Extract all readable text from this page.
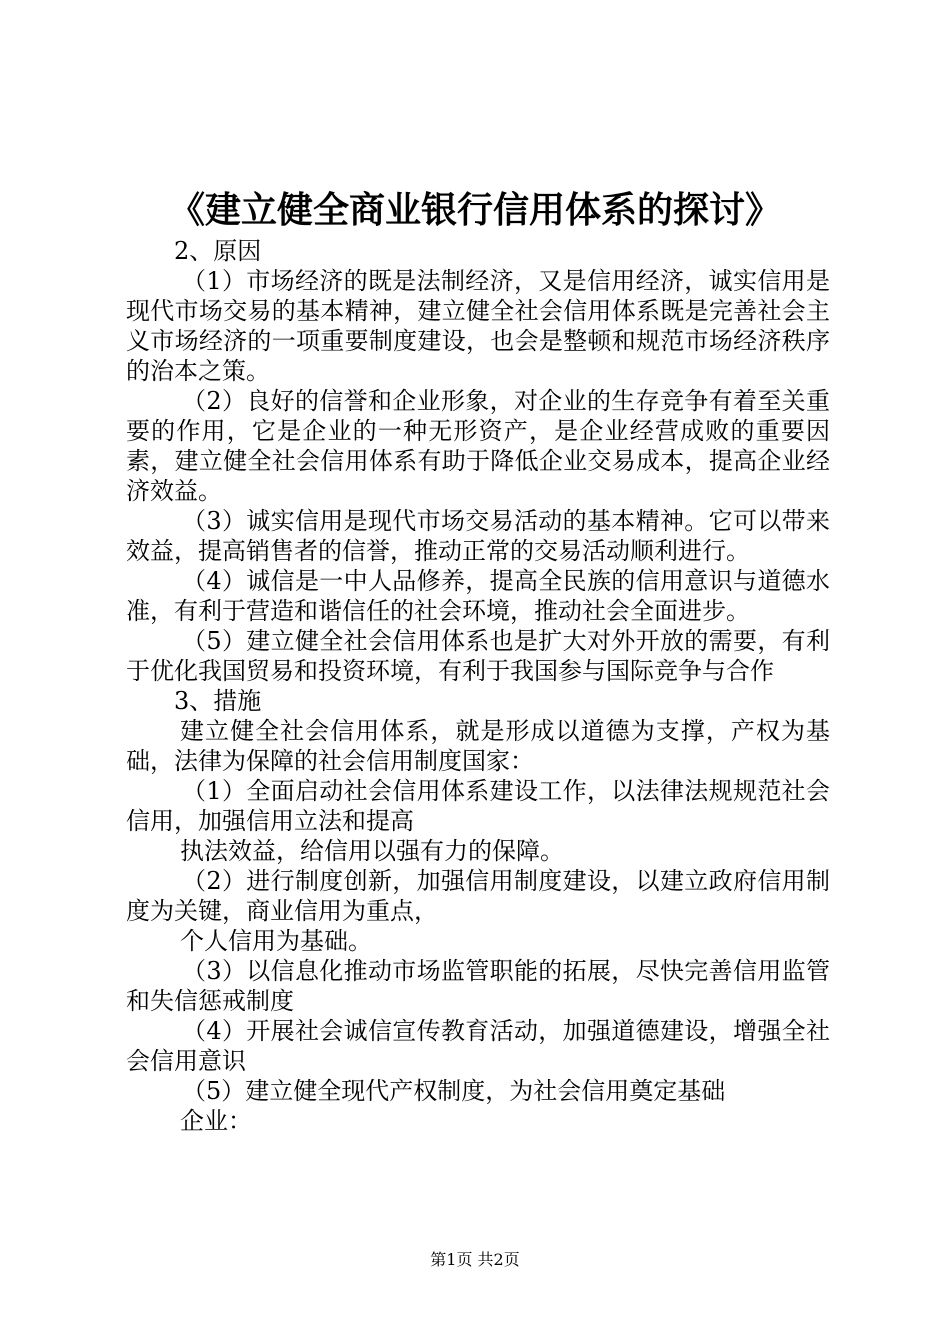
《建立健全商业银行信用体系的探讨》

2、原因

（1）市场经济的既是法制经济，又是信用经济，诚实信用是现代市场交易的基本精神，建立健全社会信用体系既是完善社会主义市场经济的一项重要制度建设，也会是整顿和规范市场经济秩序的治本之策。

（2）良好的信誉和企业形象，对企业的生存竞争有着至关重要的作用，它是企业的一种无形资产，是企业经营成败的重要因素，建立健全社会信用体系有助于降低企业交易成本，提高企业经济效益。

（3）诚实信用是现代市场交易活动的基本精神。它可以带来效益，提高销售者的信誉，推动正常的交易活动顺利进行。

（4）诚信是一中人品修养，提高全民族的信用意识与道德水准，有利于营造和谐信任的社会环境，推动社会全面进步。

（5）建立健全社会信用体系也是扩大对外开放的需要，有利于优化我国贸易和投资环境，有利于我国参与国际竞争与合作

3、措施

建立健全社会信用体系，就是形成以道德为支撑，产权为基础，法律为保障的社会信用制度国家：

（1）全面启动社会信用体系建设工作，以法律法规规范社会信用，加强信用立法和提高

执法效益，给信用以强有力的保障。

（2）进行制度创新，加强信用制度建设，以建立政府信用制度为关键，商业信用为重点，

个人信用为基础。

（3）以信息化推动市场监管职能的拓展，尽快完善信用监管和失信惩戒制度

（4）开展社会诚信宣传教育活动，加强道德建设，增强全社会信用意识

（5）建立健全现代产权制度，为社会信用奠定基础

企业：

第1页 共2页
